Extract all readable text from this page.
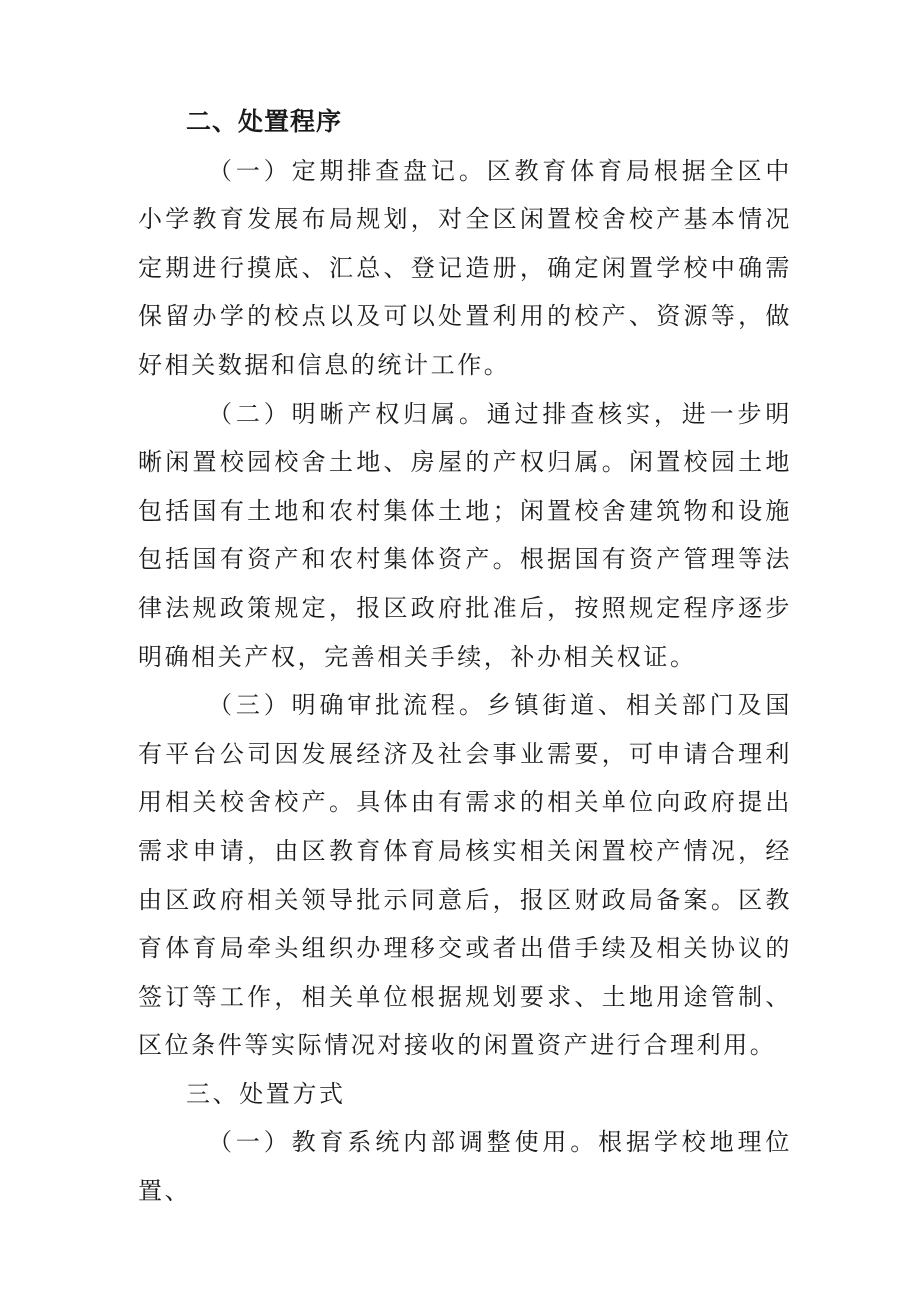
二、处置程序

（一）定期排查盘记。区教育体育局根据全区中小学教育发展布局规划，对全区闲置校舍校产基本情况定期进行摸底、汇总、登记造册，确定闲置学校中确需保留办学的校点以及可以处置利用的校产、资源等，做好相关数据和信息的统计工作。

（二）明晰产权归属。通过排查核实，进一步明晰闲置校园校舍土地、房屋的产权归属。闲置校园土地包括国有土地和农村集体土地；闲置校舍建筑物和设施包括国有资产和农村集体资产。根据国有资产管理等法律法规政策规定，报区政府批准后，按照规定程序逐步明确相关产权，完善相关手续，补办相关权证。

（三）明确审批流程。乡镇街道、相关部门及国有平台公司因发展经济及社会事业需要，可申请合理利用相关校舍校产。具体由有需求的相关单位向政府提出需求申请，由区教育体育局核实相关闲置校产情况，经由区政府相关领导批示同意后，报区财政局备案。区教育体育局牵头组织办理移交或者出借手续及相关协议的签订等工作，相关单位根据规划要求、土地用途管制、区位条件等实际情况对接收的闲置资产进行合理利用。

三、处置方式

（一）教育系统内部调整使用。根据学校地理位置、
